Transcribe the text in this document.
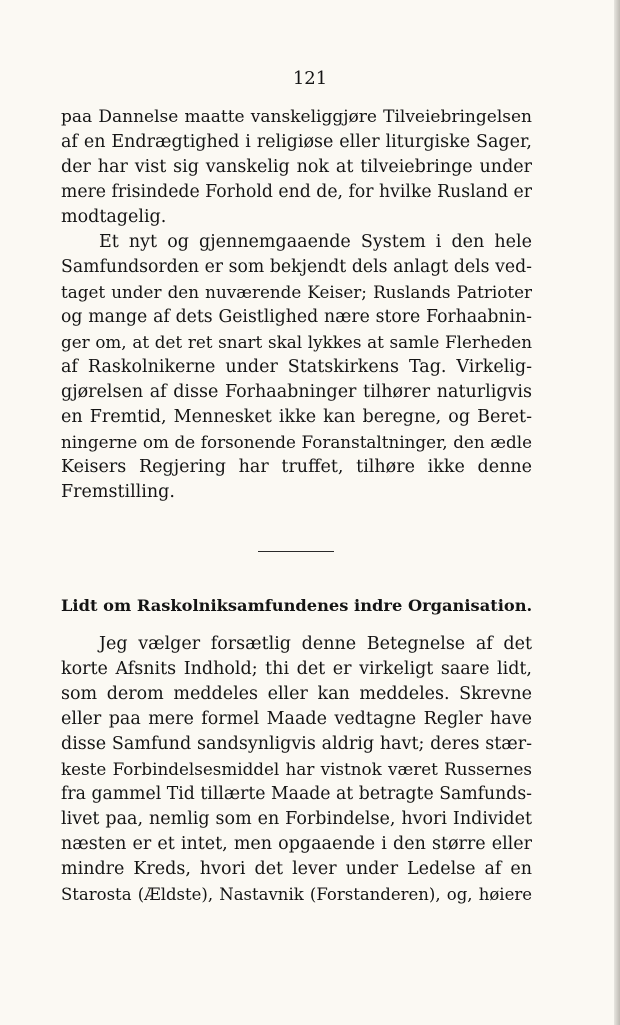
121
paa Dannelse maatte vanskeliggjøre Tilveiebringelsen
af en Endrægtighed i religiøse eller liturgiske Sager,
der har vist sig vanskelig nok at tilveiebringe under
mere frisindede Forhold end de, for hvilke Rusland er
modtagelig.
Et nyt og gjennemgaaende System i den hele
Samfundsorden er som bekjendt dels anlagt dels ved-
taget under den nuværende Keiser; Ruslands Patrioter
og mange af dets Geistlighed nære store Forhaabnin-
ger om, at det ret snart skal lykkes at samle Flerheden
af Raskolnikerne under Statskirkens Tag. Virkelig-
gjørelsen af disse Forhaabninger tilhører naturligvis
en Fremtid, Mennesket ikke kan beregne, og Beret-
ningerne om de forsonende Foranstaltninger, den ædle
Keisers Regjering har truffet, tilhøre ikke denne
Fremstilling.
Lidt om Raskolniksamfundenes indre Organisation.
Jeg vælger forsætlig denne Betegnelse af det
korte Afsnits Indhold; thi det er virkeligt saare lidt,
som derom meddeles eller kan meddeles. Skrevne
eller paa mere formel Maade vedtagne Regler have
disse Samfund sandsynligvis aldrig havt; deres stær-
keste Forbindelsesmiddel har vistnok været Russernes
fra gammel Tid tillærte Maade at betragte Samfunds-
livet paa, nemlig som en Forbindelse, hvori Individet
næsten er et intet, men opgaaende i den større eller
mindre Kreds, hvori det lever under Ledelse af en
Starosta (Ældste), Nastavnik (Forstanderen), og, høiere
